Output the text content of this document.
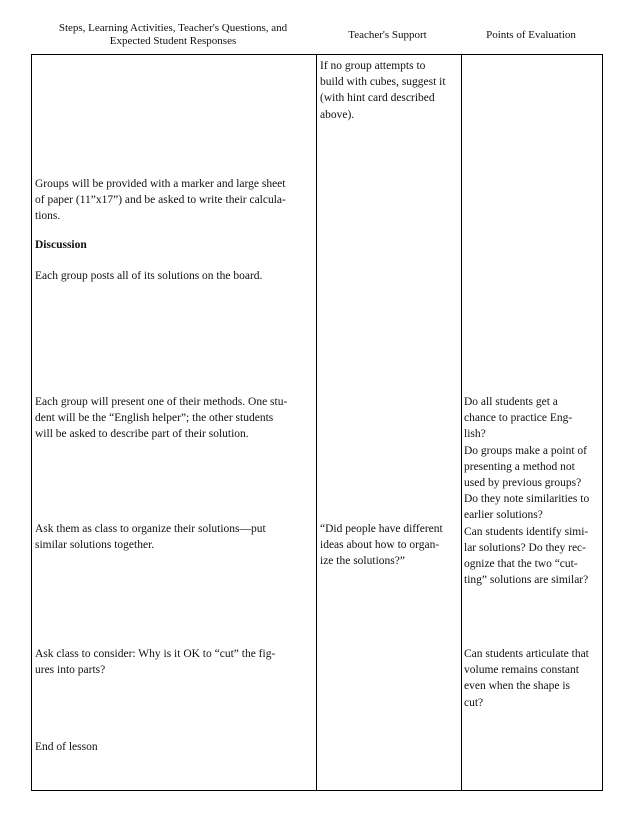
Steps, Learning Activities, Teacher's Questions, and
Expected Student Responses	Teacher's Support	Points of Evaluation
If no group attempts to
build with cubes, suggest it
(with hint card described
above).
Groups will be provided with a marker and large sheet
of paper (11”x17”) and be asked to write their calcula-
tions.
Discussion
Each group posts all of its solutions on the board.
Each group will present one of their methods. One stu-
dent will be the “English helper”; the other students
will be asked to describe part of their solution.
Do all students get a
chance to practice Eng-
lish?
Do groups make a point of
presenting a method not
used by previous groups?
Do they note similarities to
earlier solutions?
Can students identify simi-
lar solutions? Do they rec-
ognize that the two “cut-
ting” solutions are similar?
Ask them as class to organize their solutions—put
similar solutions together.
“Did people have different
ideas about how to organ-
ize the solutions?”
Ask class to consider: Why is it OK to “cut” the fig-
ures into parts?
Can students articulate that
volume remains constant
even when the shape is
cut?
End of lesson
